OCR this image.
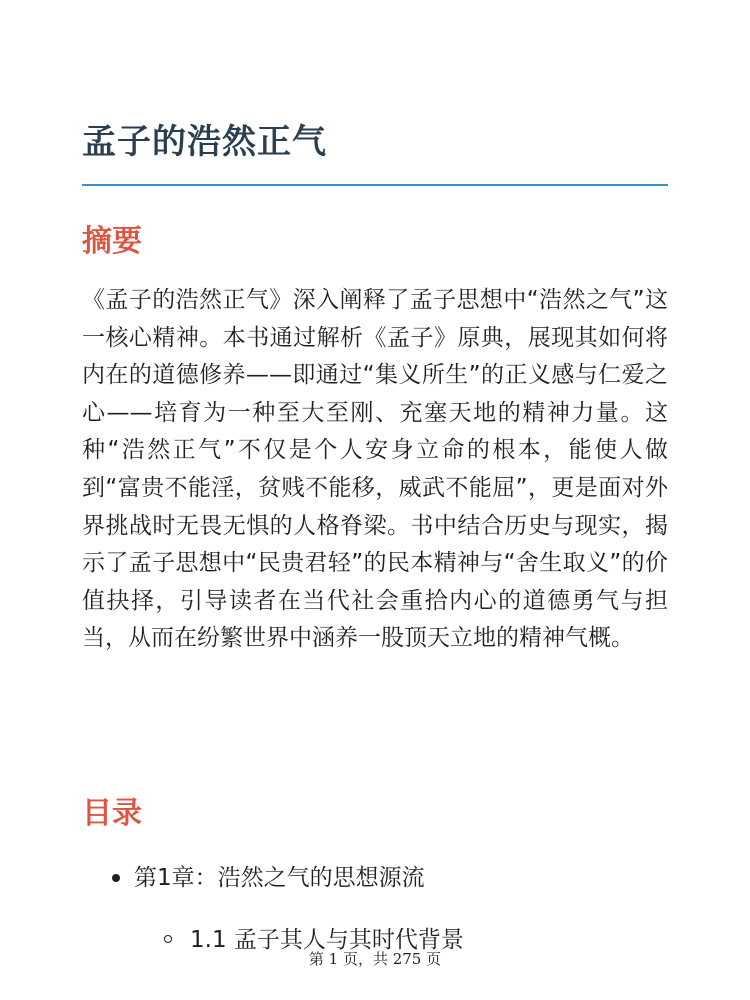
孟子的浩然正气
摘要

《孟子的浩然正气》深入阐释了孟子思想中“浩然之气”这一核心精神。本书通过解析《孟子》原典，展现其如何将内在的道德修养——即通过“集义所生”的正义感与仁爱之心——培育为一种至大至刚、充塞天地的精神力量。这种“浩然正气”不仅是个人安身立命的根本，能使人做到“富贵不能淫，贫贱不能移，威武不能屈”，更是面对外界挑战时无畏无惧的人格脊梁。书中结合历史与现实，揭示了孟子思想中“民贵君轻”的民本精神与“舍生取义”的价值抉择，引导读者在当代社会重拾内心的道德勇气与担当，从而在纷繁世界中涵养一股顶天立地的精神气概。

目录
第1章：浩然之气的思想源流
1.1 孟子其人与其时代背景
第 1 页，共 275 页
